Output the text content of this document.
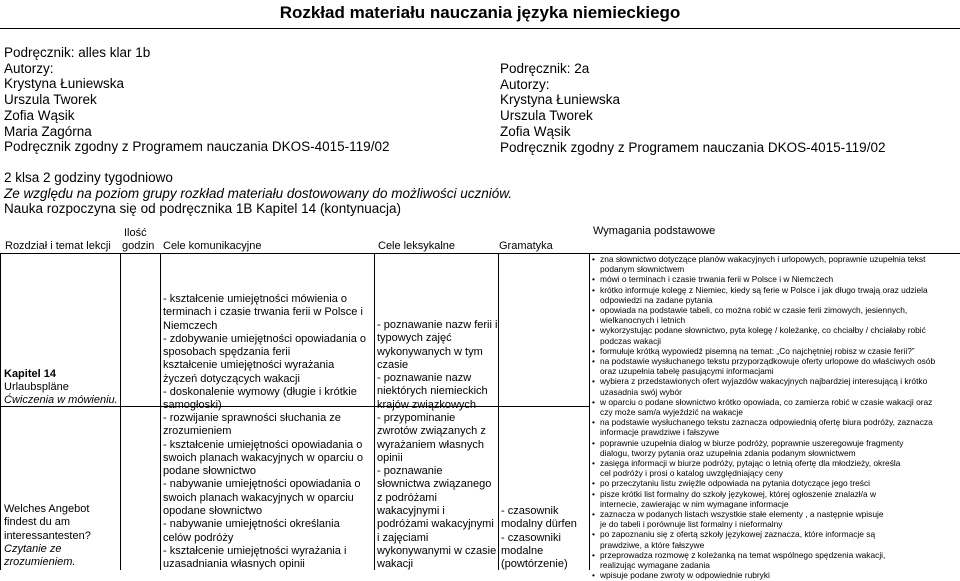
Rozkład materiału nauczania języka niemieckiego
Podręcznik: alles klar 1b
Autorzy:
Krystyna Łuniewska
Urszula Tworek
Zofia Wąsik
Maria Zagórna
Podręcznik zgodny z Programem nauczania DKOS-4015-119/02
Podręcznik: 2a
Autorzy:
Krystyna Łuniewska
Urszula Tworek
Zofia Wąsik
Podręcznik zgodny z Programem nauczania DKOS-4015-119/02
2 klsa 2 godziny tygodniowo
Ze względu na poziom grupy rozkład materiału dostowowany do możliwości uczniów.
Nauka rozpoczyna się od podręcznika 1B Kapitel 14 (kontynuacja)
Rozdział i temat lekcji
Ilość
godzin Cele komunikacyjne	Cele leksykalne	Gramatyka
Wymagania podstawowe
Kapitel 14
Urlaubspläne
Ćwiczenia w mówieniu.
Welches Angebot
findest du am
interessantesten?
Czytanie ze
zrozumieniem.
- kształcenie umiejętności mówienia o
terminach i czasie trwania ferii w Polsce i
Niemczech
- zdobywanie umiejętności opowiadania o
sposobach spędzania ferii
kształcenie umiejętności wyrażania
życzeń dotyczących wakacji
- doskonalenie wymowy (długie i krótkie
samogłoski)
- rozwijanie sprawności słuchania ze
zrozumieniem
- kształcenie umiejętności opowiadania o
swoich planach wakacyjnych w oparciu o
podane słownictwo
- nabywanie umiejętności opowiadania o
swoich planach wakacyjnych w oparciu
opodane słownictwo
- nabywanie umiejętności określania
celów podróży
- kształcenie umiejętności wyrażania i
uzasadniania własnych opinii
- poznawanie nazw ferii i
typowych zajęć
wykonywanych w tym
czasie
- poznawanie nazw
niektórych niemieckich
krajów związkowych
- przypominanie
zwrotów związanych z
wyrażaniem własnych
opinii
- poznawanie
słownictwa związanego
z podróżami
wakacyjnymi i
podróżami wakacyjnymi
i zajęciami
wykonywanymi w czasie
wakacji
- czasownik
modalny dürfen
- czasowniki
modalne
(powtórzenie)
• zna słownictwo dotyczące planów wakacyjnych i urlopowych, poprawnie uzupełnia tekst
podanym słownictwem
• mówi o terminach i czasie trwania ferii w Polsce i w Niemczech
• krótko informuje kolegę z Niemiec, kiedy są ferie w Polsce i jak długo trwają oraz udziela
odpowiedzi na zadane pytania
• opowiada na podstawie tabeli, co można robić w czasie ferii zimowych, jesiennych,
wielkanocnych i letnich
• wykorzystując podane słownictwo, pyta kolegę / koleżankę, co chciałby / chciałaby robić
podczas wakacji
• formułuje krótką wypowiedź pisemną na temat: „Co najchętniej robisz w czasie ferii?”
• na podstawie wysłuchanego tekstu przyporządkowuje oferty urlopowe do właściwych osób
oraz uzupełnia tabelę pasującymi informacjami
• wybiera z przedstawionych ofert wyjazdów wakacyjnych najbardziej interesującą i krótko
uzasadnia swój wybór
• w oparciu o podane słownictwo krótko opowiada, co zamierza robić w czasie wakacji oraz
czy może sam/a wyjeździć na wakacje
• na podstawie wysłuchanego tekstu zaznacza odpowiednią ofertę biura podróży, zaznacza
informacje prawdziwe i fałszywe
• poprawnie uzupełnia dialog w biurze podróży, poprawnie uszeregowuje fragmenty
dialogu, tworzy pytania oraz uzupełnia zdania podanym słownictwem
• zasięga informacji w biurze podróży, pytając o letnią ofertę dla młodzieży, określa
cel podróży i prosi o katalog uwzględniający ceny
• po przeczytaniu listu zwięźle odpowiada na pytania dotyczące jego treści
• pisze krótki list formalny do szkoły językowej, której ogłoszenie znalazł/a w
internecie, zawierając w nim wymagane informacje
• zaznacza w podanych listach wszystkie stałe elementy , a następnie wpisuje
je do tabeli i porównuje list formalny i nieformalny
• po zapoznaniu się z ofertą szkoły językowej zaznacza, które informacje są
prawdziwe, a które fałszywe
• przeprowadza rozmowę z koleżanką na temat wspólnego spędzenia wakacji,
realizując wymagane zadania
• wpisuje podane zwroty w odpowiednie rubryki
